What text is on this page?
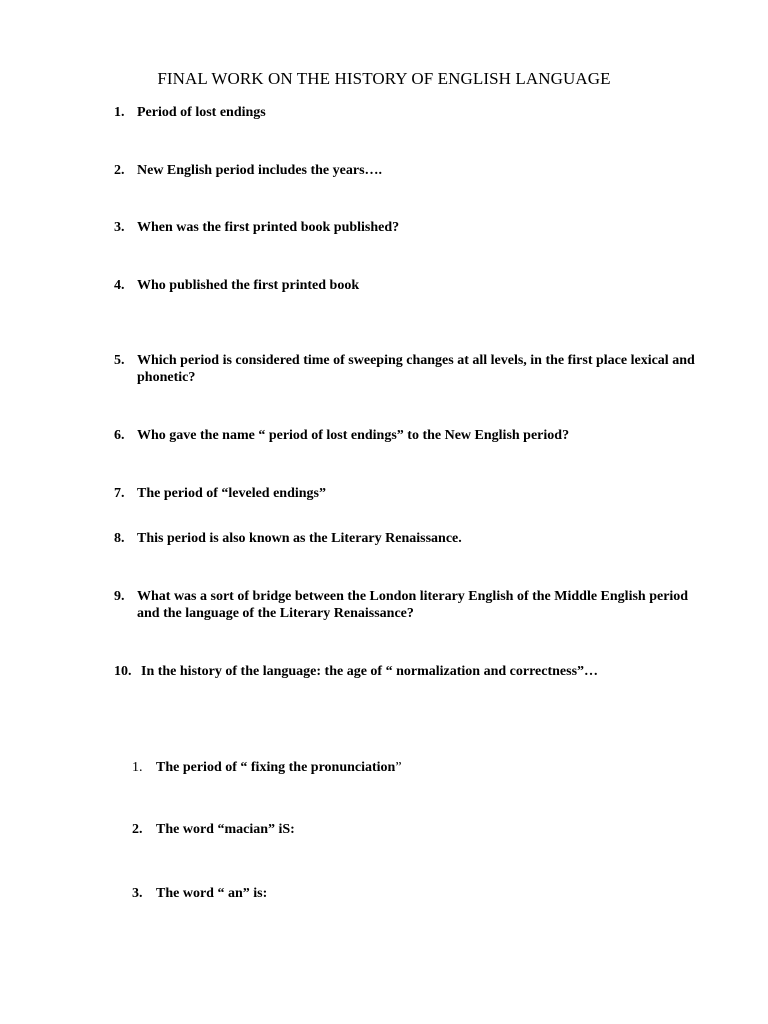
FINAL WORK ON THE HISTORY OF ENGLISH LANGUAGE
1. Period of lost endings
2. New English period includes the years….
3. When was the first printed book published?
4. Who published the first printed book
5. Which period is considered time of sweeping changes at all levels, in the first place lexical and phonetic?
6. Who gave the name “ period of lost endings” to the New English period?
7. The period of “leveled endings”
8. This period is also known as the Literary Renaissance.
9. What was a sort of bridge between the London literary English of the Middle English period and the language of the Literary Renaissance?
10. In the history of the language: the age of “ normalization and correctness”…
1. The period of “ fixing the pronunciation”
2. The word “macian” iS:
3. The word “ an” is:
